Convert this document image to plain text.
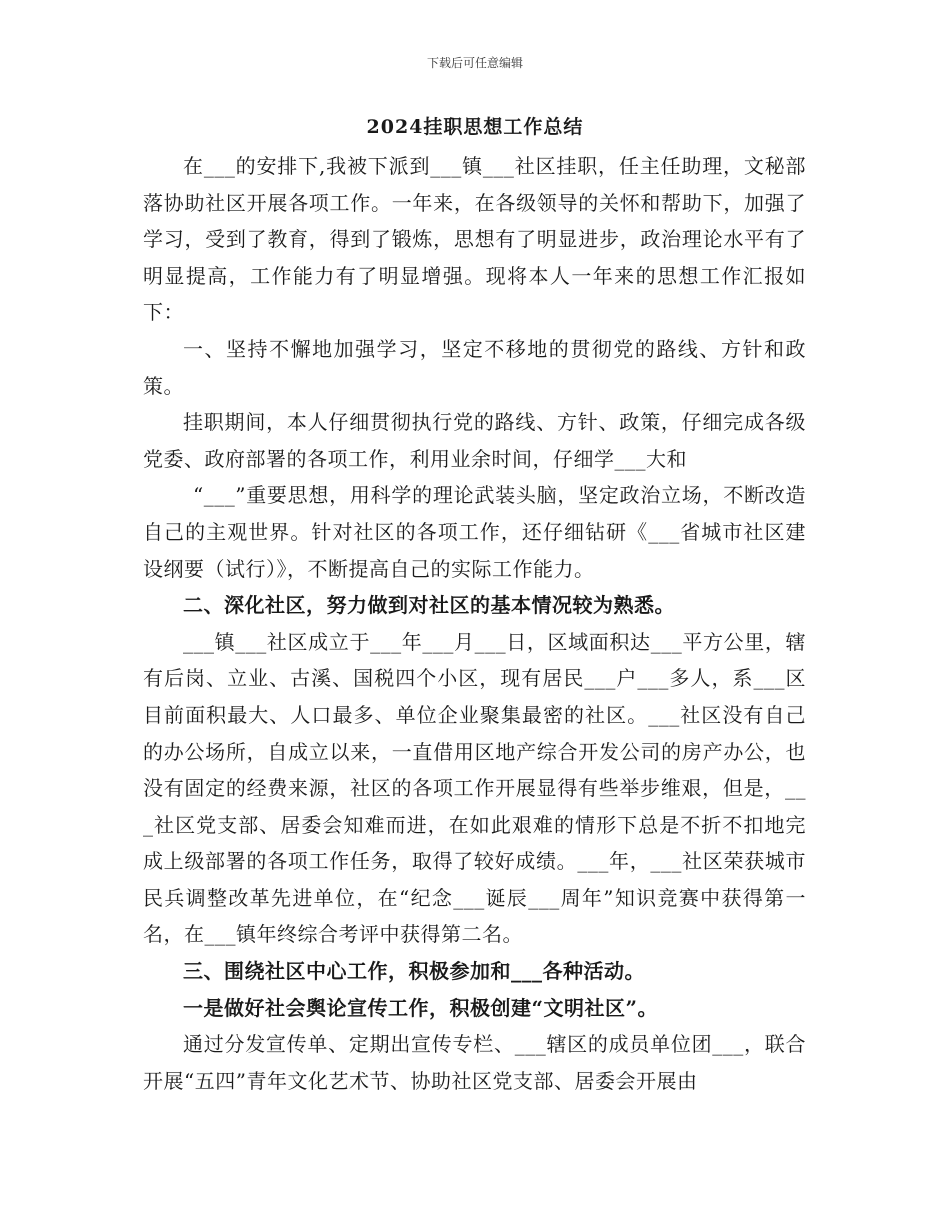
下载后可任意编辑
2024挂职思想工作总结

在___的安排下,我被下派到___镇___社区挂职，任主任助理，文秘部落协助社区开展各项工作。一年来，在各级领导的关怀和帮助下，加强了学习，受到了教育，得到了锻炼，思想有了明显进步，政治理论水平有了明显提高，工作能力有了明显增强。现将本人一年来的思想工作汇报如下：

一、坚持不懈地加强学习，坚定不移地的贯彻党的路线、方针和政策。

挂职期间，本人仔细贯彻执行党的路线、方针、政策，仔细完成各级党委、政府部署的各项工作，利用业余时间，仔细学___大和

“___”重要思想，用科学的理论武装头脑，坚定政治立场，不断改造自己的主观世界。针对社区的各项工作，还仔细钻研《___省城市社区建设纲要（试行）》，不断提高自己的实际工作能力。

二、深化社区，努力做到对社区的基本情况较为熟悉。

___镇___社区成立于___年___月___日，区域面积达___平方公里，辖有后岗、立业、古溪、国税四个小区，现有居民___户___多人，系___区目前面积最大、人口最多、单位企业聚集最密的社区。___社区没有自己的办公场所，自成立以来，一直借用区地产综合开发公司的房产办公，也没有固定的经费来源，社区的各项工作开展显得有些举步维艰，但是，___社区党支部、居委会知难而进，在如此艰难的情形下总是不折不扣地完成上级部署的各项工作任务，取得了较好成绩。___年，___社区荣获城市民兵调整改革先进单位，在“纪念___诞辰___周年”知识竞赛中获得第一名，在___镇年终综合考评中获得第二名。

三、围绕社区中心工作，积极参加和___各种活动。

一是做好社会舆论宣传工作，积极创建“文明社区”。

通过分发宣传单、定期出宣传专栏、___辖区的成员单位团___，联合开展“五四”青年文化艺术节、协助社区党支部、居委会开展由
